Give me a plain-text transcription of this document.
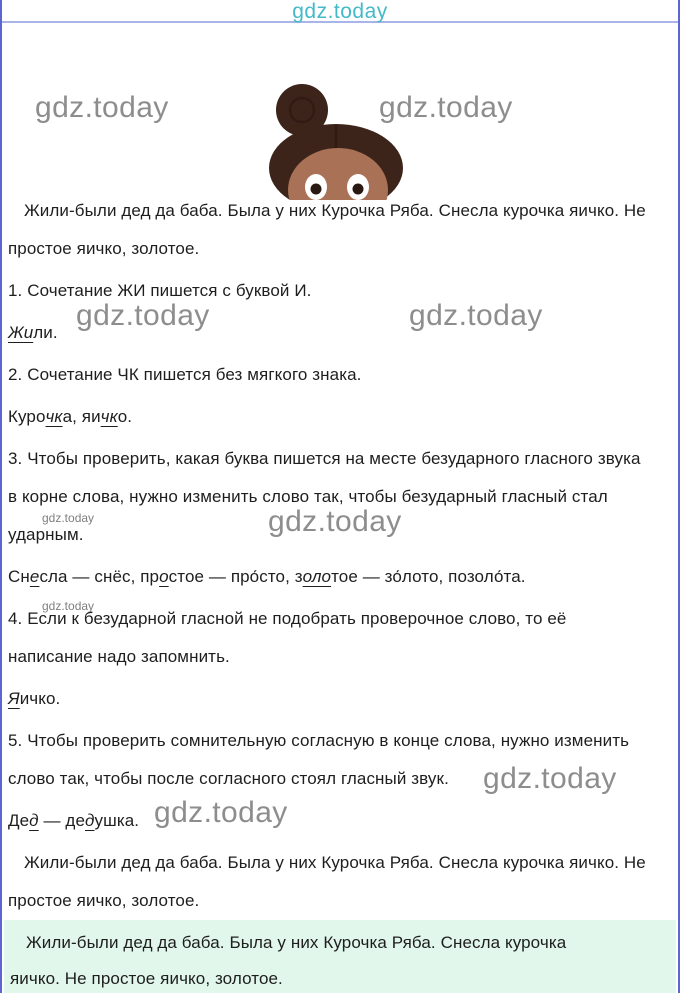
gdz.today
gdz.today	gdz.today
gdz.today	gdz.today
gdz.today
gdz.today
gdz.today
gdz.today
gdz.today
Жили-были дед да баба. Была у них Курочка Ряба. Снесла курочка яичко. Не
простое яичко, золотое.
1. Сочетание ЖИ пишется с буквой И.
Жили.
2. Сочетание ЧК пишется без мягкого знака.
Курочка, яичко.
3. Чтобы проверить, какая буква пишется на месте безударного гласного звука
в корне слова, нужно изменить слово так, чтобы безударный гласный стал
ударным.
Снесла — снёс, простое — про́сто, золотое — зо́лото, позоло́та.
4. Если к безударной гласной не подобрать проверочное слово, то её
написание надо запомнить.
Яичко.
5. Чтобы проверить сомнительную согласную в конце слова, нужно изменить
слово так, чтобы после согласного стоял гласный звук.
Дед — дедушка.
Жили-были дед да баба. Была у них Курочка Ряба. Снесла курочка яичко. Не
простое яичко, золотое.
Жили-были дед да баба. Была у них Курочка Ряба. Снесла курочка
яичко. Не простое яичко, золотое.
